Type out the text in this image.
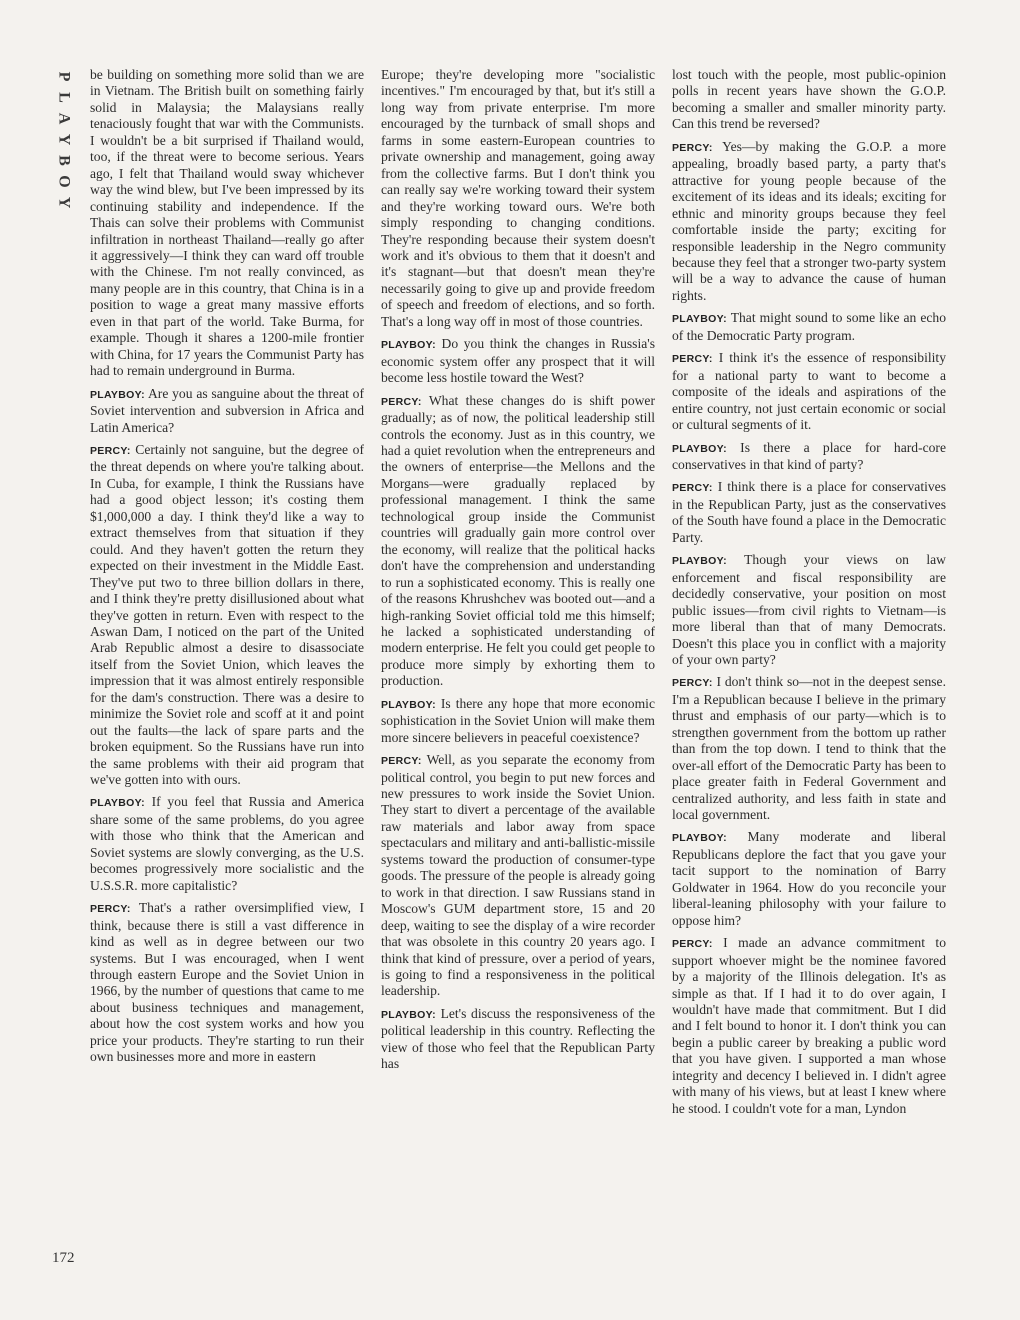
P
L
A
Y
B
O
Y
172

be building on something more solid than we are in Vietnam. The British built on something fairly solid in Malaysia; the Malaysians really tenaciously fought that war with the Communists. I wouldn't be a bit surprised if Thailand would, too, if the threat were to become serious. Years ago, I felt that Thailand would sway whichever way the wind blew, but I've been impressed by its continuing stability and independence. If the Thais can solve their problems with Communist infiltration in northeast Thailand—really go after it aggressively—I think they can ward off trouble with the Chinese. I'm not really convinced, as many people are in this country, that China is in a position to wage a great many massive efforts even in that part of the world. Take Burma, for example. Though it shares a 1200-mile frontier with China, for 17 years the Communist Party has had to remain underground in Burma.

PLAYBOY: Are you as sanguine about the threat of Soviet intervention and subversion in Africa and Latin America?

PERCY: Certainly not sanguine, but the degree of the threat depends on where you're talking about. In Cuba, for example, I think the Russians have had a good object lesson; it's costing them $1,000,000 a day. I think they'd like a way to extract themselves from that situation if they could. And they haven't gotten the return they expected on their investment in the Middle East. They've put two to three billion dollars in there, and I think they're pretty disillusioned about what they've gotten in return. Even with respect to the Aswan Dam, I noticed on the part of the United Arab Republic almost a desire to disassociate itself from the Soviet Union, which leaves the impression that it was almost entirely responsible for the dam's construction. There was a desire to minimize the Soviet role and scoff at it and point out the faults—the lack of spare parts and the broken equipment. So the Russians have run into the same problems with their aid program that we've gotten into with ours.

PLAYBOY: If you feel that Russia and America share some of the same problems, do you agree with those who think that the American and Soviet systems are slowly converging, as the U.S. becomes progressively more socialistic and the U.S.S.R. more capitalistic?

PERCY: That's a rather oversimplified view, I think, because there is still a vast difference in kind as well as in degree between our two systems. But I was encouraged, when I went through eastern Europe and the Soviet Union in 1966, by the number of questions that came to me about business techniques and management, about how the cost system works and how you price your products. They're starting to run their own businesses more and more in eastern

Europe; they're developing more "socialistic incentives." I'm encouraged by that, but it's still a long way from private enterprise. I'm more encouraged by the turnback of small shops and farms in some eastern-European countries to private ownership and management, going away from the collective farms. But I don't think you can really say we're working toward their system and they're working toward ours. We're both simply responding to changing conditions. They're responding because their system doesn't work and it's obvious to them that it doesn't and it's stagnant—but that doesn't mean they're necessarily going to give up and provide freedom of speech and freedom of elections, and so forth. That's a long way off in most of those countries.

PLAYBOY: Do you think the changes in Russia's economic system offer any prospect that it will become less hostile toward the West?

PERCY: What these changes do is shift power gradually; as of now, the political leadership still controls the economy. Just as in this country, we had a quiet revolution when the entrepreneurs and the owners of enterprise—the Mellons and the Morgans—were gradually replaced by professional management. I think the same technological group inside the Communist countries will gradually gain more control over the economy, will realize that the political hacks don't have the comprehension and understanding to run a sophisticated economy. This is really one of the reasons Khrushchev was booted out—and a high-ranking Soviet official told me this himself; he lacked a sophisticated understanding of modern enterprise. He felt you could get people to produce more simply by exhorting them to production.

PLAYBOY: Is there any hope that more economic sophistication in the Soviet Union will make them more sincere believers in peaceful coexistence?

PERCY: Well, as you separate the economy from political control, you begin to put new forces and new pressures to work inside the Soviet Union. They start to divert a percentage of the available raw materials and labor away from space spectaculars and military and anti-ballistic-missile systems toward the production of consumer-type goods. The pressure of the people is already going to work in that direction. I saw Russians stand in Moscow's GUM department store, 15 and 20 deep, waiting to see the display of a wire recorder that was obsolete in this country 20 years ago. I think that kind of pressure, over a period of years, is going to find a responsiveness in the political leadership.

PLAYBOY: Let's discuss the responsiveness of the political leadership in this country. Reflecting the view of those who feel that the Republican Party has

lost touch with the people, most public-opinion polls in recent years have shown the G.O.P. becoming a smaller and smaller minority party. Can this trend be reversed?

PERCY: Yes—by making the G.O.P. a more appealing, broadly based party, a party that's attractive for young people because of the excitement of its ideas and its ideals; exciting for ethnic and minority groups because they feel comfortable inside the party; exciting for responsible leadership in the Negro community because they feel that a stronger two-party system will be a way to advance the cause of human rights.

PLAYBOY: That might sound to some like an echo of the Democratic Party program.

PERCY: I think it's the essence of responsibility for a national party to want to become a composite of the ideals and aspirations of the entire country, not just certain economic or social or cultural segments of it.

PLAYBOY: Is there a place for hard-core conservatives in that kind of party?

PERCY: I think there is a place for conservatives in the Republican Party, just as the conservatives of the South have found a place in the Democratic Party.

PLAYBOY: Though your views on law enforcement and fiscal responsibility are decidedly conservative, your position on most public issues—from civil rights to Vietnam—is more liberal than that of many Democrats. Doesn't this place you in conflict with a majority of your own party?

PERCY: I don't think so—not in the deepest sense. I'm a Republican because I believe in the primary thrust and emphasis of our party—which is to strengthen government from the bottom up rather than from the top down. I tend to think that the over-all effort of the Democratic Party has been to place greater faith in Federal Government and centralized authority, and less faith in state and local government.

PLAYBOY: Many moderate and liberal Republicans deplore the fact that you gave your tacit support to the nomination of Barry Goldwater in 1964. How do you reconcile your liberal-leaning philosophy with your failure to oppose him?

PERCY: I made an advance commitment to support whoever might be the nominee favored by a majority of the Illinois delegation. It's as simple as that. If I had it to do over again, I wouldn't have made that commitment. But I did and I felt bound to honor it. I don't think you can begin a public career by breaking a public word that you have given. I supported a man whose integrity and decency I believed in. I didn't agree with many of his views, but at least I knew where he stood. I couldn't vote for a man, Lyndon
